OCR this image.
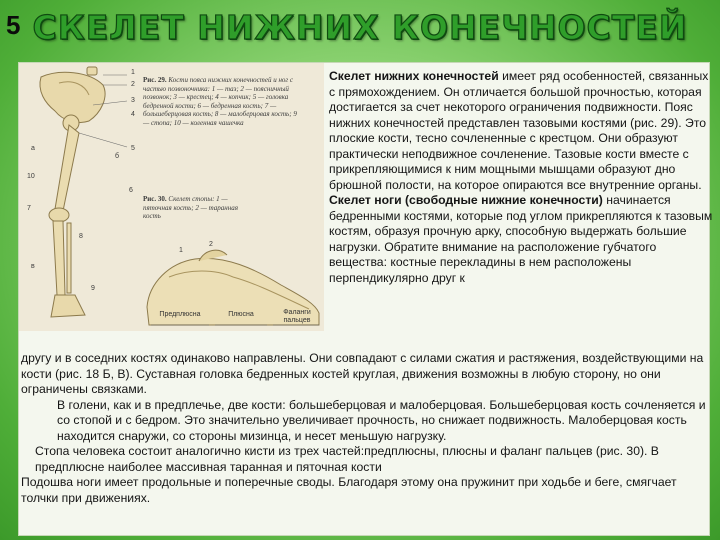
5 СКЕЛЕТ НИЖНИХ КОНЕЧНОСТЕЙ
1
2
3
4
5
6
7
8
9
10
а
б
в
1
2
Рис. 29. Кости пояса нижних конечностей и ног с частью позвоночника: 1 — таз; 2 — поясничный позвонок; 3 — крестец; 4 — копчик; 5 — головка бедренной кости; 6 — бедренная кость; 7 — большеберцовая кость; 8 — малоберцовая кость; 9 — стопа; 10 — коленная чашечка
Рис. 30. Скелет стопы: 1 — пяточная кость; 2 — таранная кость
Предплюсна	Плюсна	Фаланги пальцев
Скелет нижних конечностей имеет ряд особенностей, связанных с прямохождением. Он отличается большой прочностью, которая достигается за счет некоторого ограничения подвижности. Пояс нижних конечностей представлен тазовыми костями (рис. 29). Это плоские кости, тесно сочлененные с крестцом. Они образуют практически неподвижное сочленение. Тазовые кости вместе с прикрепляющимися к ним мощными мышцами образуют дно брюшной полости, на которое опираются все внутренние органы.
Скелет ноги (свободные нижние конечности) начинается бедренными костями, которые под углом прикрепляются к тазовым костям, образуя прочную арку, способную выдержать большие нагрузки. Обратите внимание на расположение губчатого вещества: костные перекладины в нем расположены перпендикулярно друг к
другу и в соседних костях одинаково направлены. Они совпадают с силами сжатия и растяжения, воздействующими на кости (рис. 18 Б, В). Суставная головка бедренных костей круглая, движения возможны в любую сторону, но они ограничены связками.
В голени, как и в предплечье, две кости: большеберцовая и малоберцовая. Большеберцовая кость сочленяется и со стопой и с бедром. Это значительно увеличивает прочность, но снижает подвижность. Малоберцовая кость находится снаружи, со стороны мизинца, и несет меньшую нагрузку.
Стопа человека состоит аналогично кисти из трех частей:предплюсны, плюсны и фаланг пальцев (рис. 30). В предплюсне наиболее массивная таранная и пяточная кости
Подошва ноги имеет продольные и поперечные своды. Благодаря этому она пружинит при ходьбе и беге, смягчает толчки при движениях.
